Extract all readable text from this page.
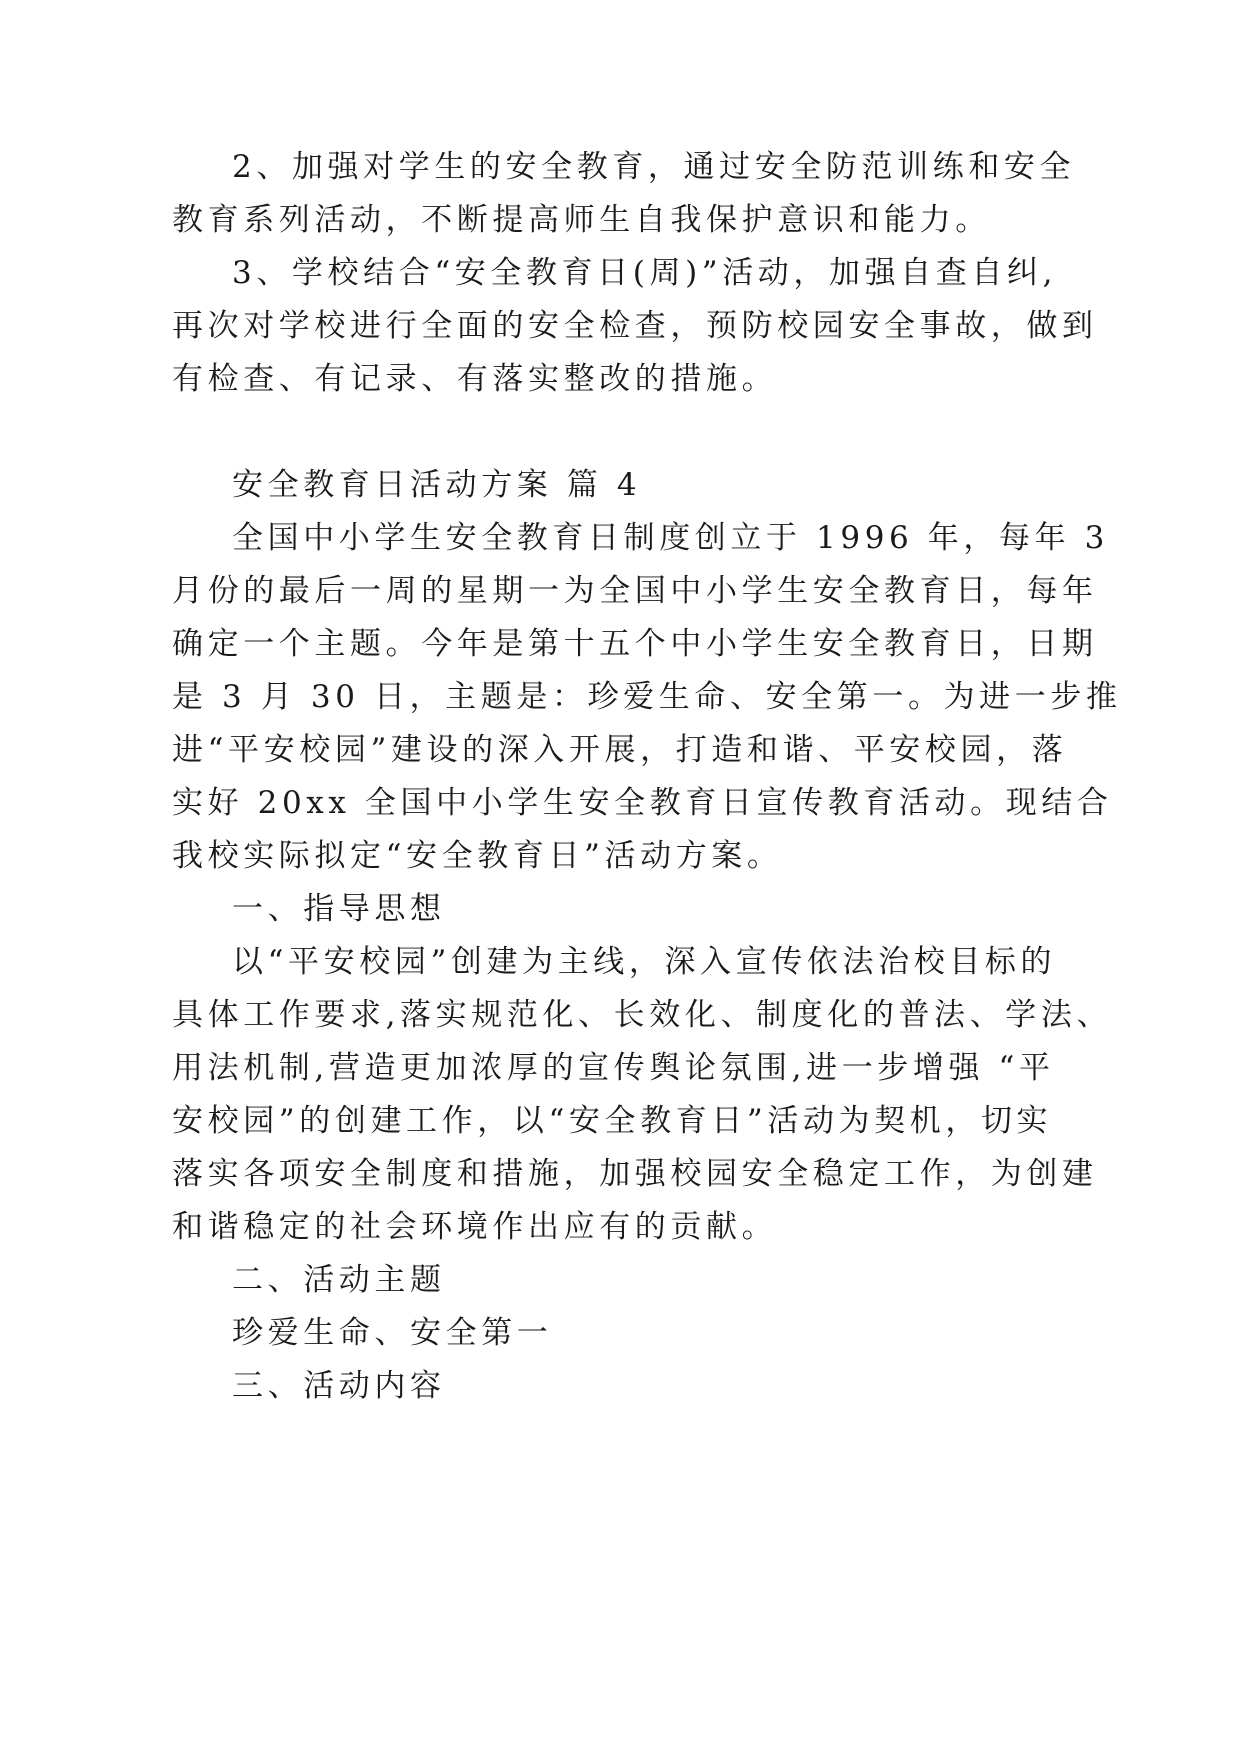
2、加强对学生的安全教育，通过安全防范训练和安全
教育系列活动，不断提高师生自我保护意识和能力。
3、学校结合“安全教育日(周)”活动，加强自查自纠,
再次对学校进行全面的安全检查，预防校园安全事故，做到
有检查、有记录、有落实整改的措施。
安全教育日活动方案 篇 4
全国中小学生安全教育日制度创立于 1996 年，每年 3
月份的最后一周的星期一为全国中小学生安全教育日，每年
确定一个主题。今年是第十五个中小学生安全教育日，日期
是 3 月 30 日，主题是：珍爱生命、安全第一。为进一步推
进“平安校园”建设的深入开展，打造和谐、平安校园，落
实好 20xx 全国中小学生安全教育日宣传教育活动。现结合
我校实际拟定“安全教育日”活动方案。
一、指导思想
以“平安校园”创建为主线，深入宣传依法治校目标的
具体工作要求,落实规范化、长效化、制度化的普法、学法、
用法机制,营造更加浓厚的宣传舆论氛围,进一步增强 “平
安校园”的创建工作，以“安全教育日”活动为契机，切实
落实各项安全制度和措施，加强校园安全稳定工作，为创建
和谐稳定的社会环境作出应有的贡献。
二、活动主题
珍爱生命、安全第一
三、活动内容
